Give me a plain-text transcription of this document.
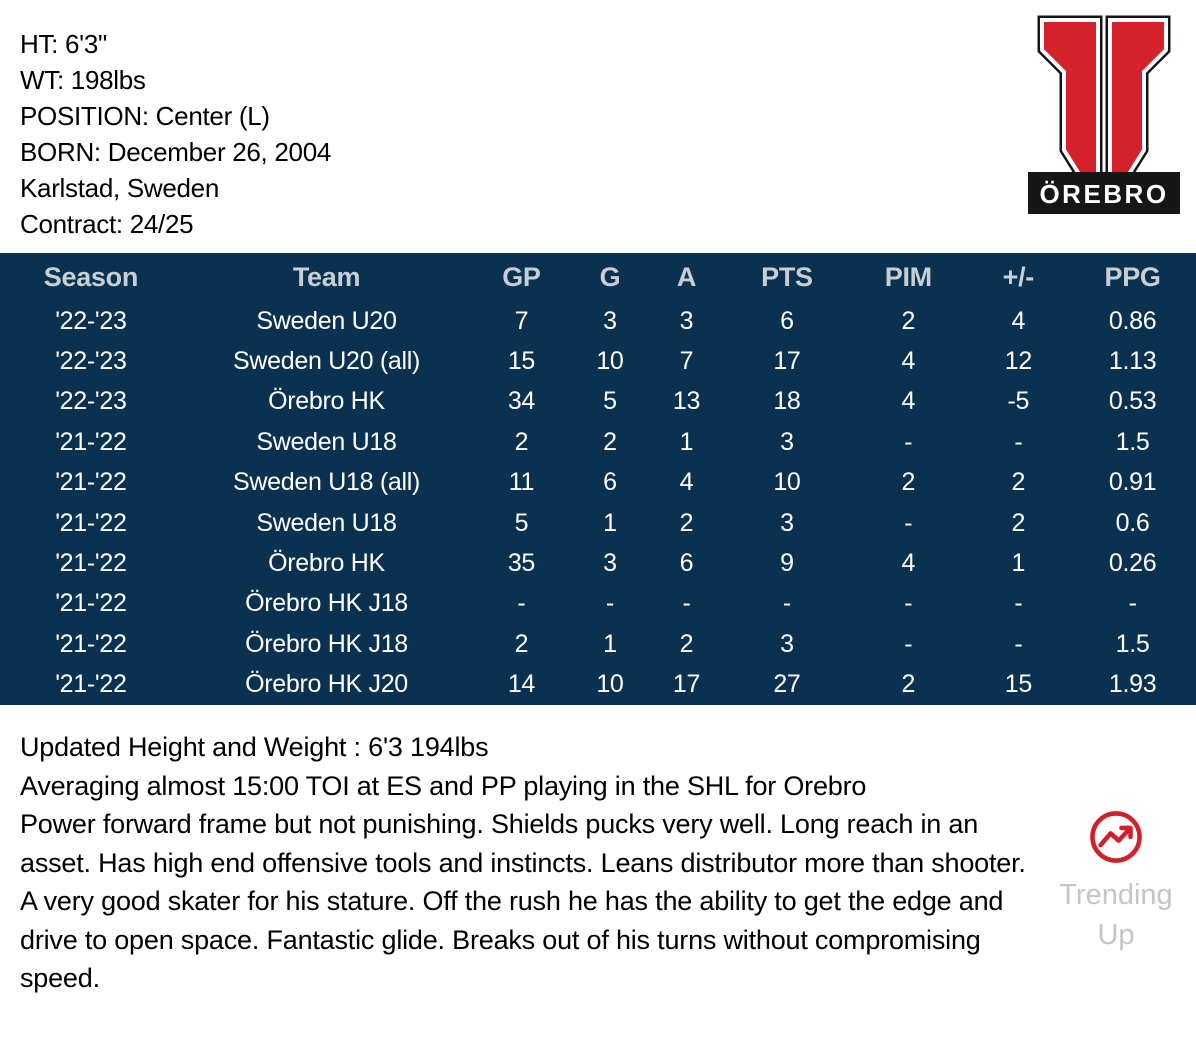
HT: 6'3"
WT: 198lbs
POSITION: Center (L)
BORN: December 26, 2004
Karlstad, Sweden
Contract: 24/25
ÖREBRO
Season	Team	GP	G	A	PTS	PIM	+/-	PPG
'22-'23	Sweden U20	7	3	3	6	2	4	0.86
'22-'23	Sweden U20 (all)	15	10	7	17	4	12	1.13
'22-'23	Örebro HK	34	5	13	18	4	-5	0.53
'21-'22	Sweden U18	2	2	1	3	-	-	1.5
'21-'22	Sweden U18 (all)	11	6	4	10	2	2	0.91
'21-'22	Sweden U18	5	1	2	3	-	2	0.6
'21-'22	Örebro HK	35	3	6	9	4	1	0.26
'21-'22	Örebro HK J18	-	-	-	-	-	-	-
'21-'22	Örebro HK J18	2	1	2	3	-	-	1.5
'21-'22	Örebro HK J20	14	10	17	27	2	15	1.93

Updated Height and Weight : 6'3 194lbs

Averaging almost 15:00 TOI at ES and PP playing in the SHL for Orebro

Power forward frame but not punishing. Shields pucks very well. Long reach in an asset. Has high end offensive tools and instincts. Leans distributor more than shooter. A very good skater for his stature. Off the rush he has the ability to get the edge and drive to open space. Fantastic glide. Breaks out of his turns without compromising speed.

Trending Up
